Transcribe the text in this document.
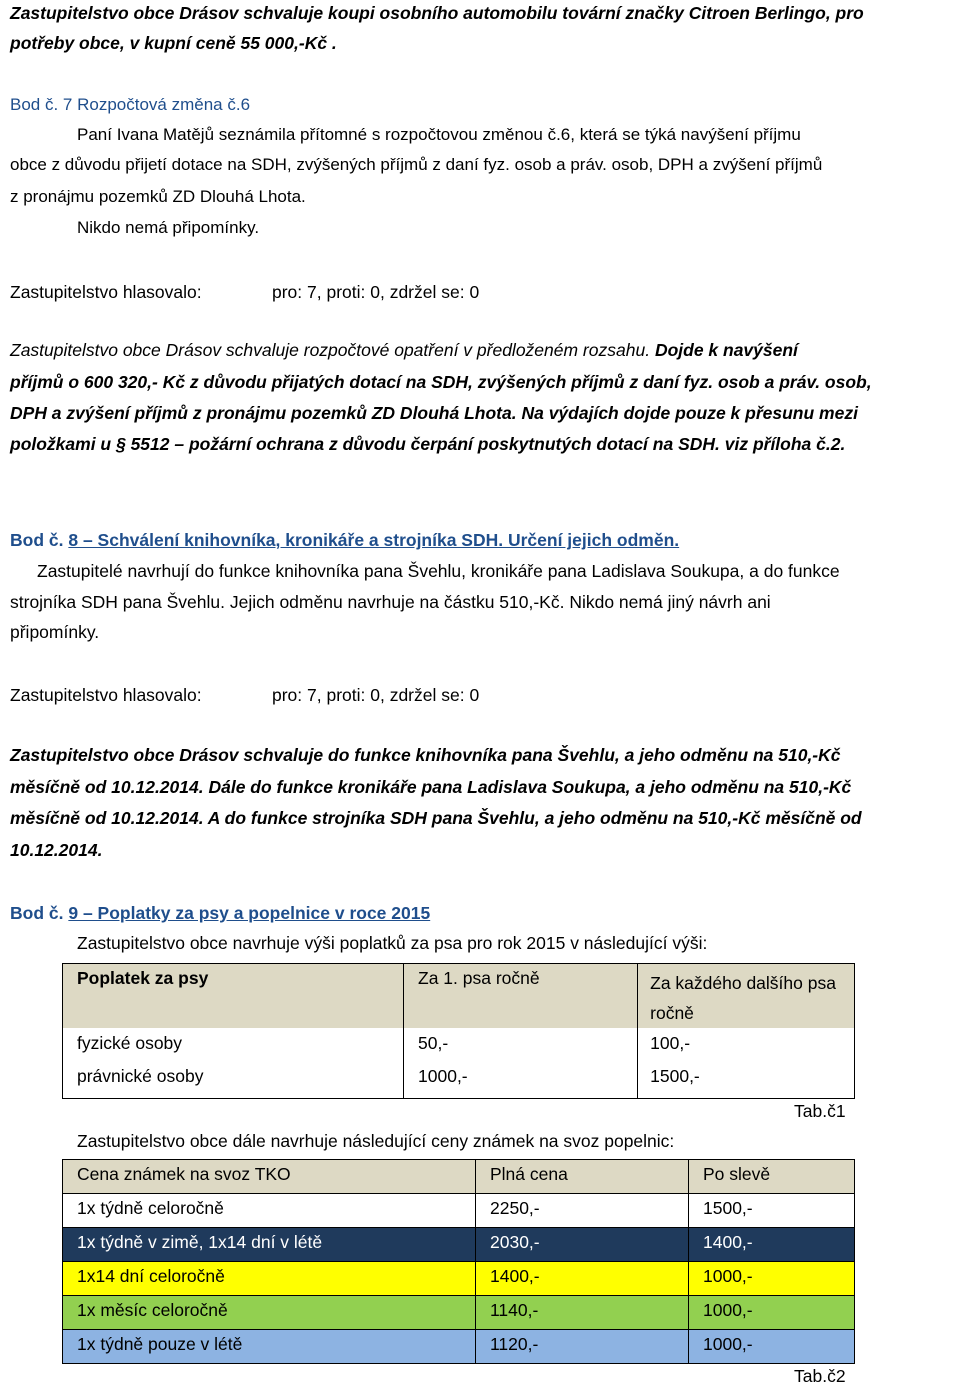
Zastupitelstvo obce Drásov schvaluje koupi osobního automobilu tovární značky Citroen Berlingo, pro
potřeby obce, v kupní ceně 55 000,-Kč .
Bod č. 7 Rozpočtová změna č.6
Paní Ivana Matějů seznámila přítomné s rozpočtovou změnou č.6, která se týká navýšení příjmu
obce z důvodu přijetí dotace na SDH, zvýšených příjmů z daní fyz. osob a práv. osob, DPH a zvýšení příjmů
z pronájmu pozemků ZD Dlouhá Lhota.
Nikdo nemá připomínky.
Zastupitelstvo hlasovalo:	pro: 7, proti: 0, zdržel se: 0
Zastupitelstvo obce Drásov schvaluje rozpočtové opatření v předloženém rozsahu. Dojde k navýšení
příjmů o 600 320,- Kč z důvodu přijatých dotací na SDH, zvýšených příjmů z daní fyz. osob a práv. osob,
DPH a zvýšení příjmů z pronájmu pozemků ZD Dlouhá Lhota. Na výdajích dojde pouze k přesunu mezi
položkami u § 5512 – požární ochrana z důvodu čerpání poskytnutých dotací na SDH. viz příloha č.2.
Bod č. 8 – Schválení knihovníka, kronikáře a strojníka SDH. Určení jejich odměn.
Zastupitelé navrhují do funkce knihovníka pana Švehlu, kronikáře pana Ladislava Soukupa, a do funkce
strojníka SDH pana Švehlu. Jejich odměnu navrhuje na částku 510,-Kč. Nikdo nemá jiný návrh ani
připomínky.
Zastupitelstvo hlasovalo:	pro: 7, proti: 0, zdržel se: 0
Zastupitelstvo obce Drásov schvaluje do funkce knihovníka pana Švehlu, a jeho odměnu na 510,-Kč
měsíčně od 10.12.2014. Dále do funkce kronikáře pana Ladislava Soukupa, a jeho odměnu na 510,-Kč
měsíčně od 10.12.2014. A do funkce strojníka SDH pana Švehlu, a jeho odměnu na 510,-Kč měsíčně od
10.12.2014.
Bod č. 9 – Poplatky za psy a popelnice v roce 2015
Zastupitelstvo obce navrhuje výši poplatků za psa pro rok 2015 v následující výši:
Poplatek za psy	Za 1. psa ročně	Za každého dalšího psa ročně
fyzické osoby	50,-	100,-
právnické osoby	1000,-	1500,-
Tab.č1
Zastupitelstvo obce dále navrhuje následující ceny známek na svoz popelnic:
Cena známek na svoz TKO	Plná cena	Po slevě
1x týdně celoročně	2250,-	1500,-
1x týdně v zimě, 1x14 dní v létě	2030,-	1400,-
1x14 dní celoročně	1400,-	1000,-
1x měsíc celoročně	1140,-	1000,-
1x týdně pouze v létě	1120,-	1000,-
Tab.č2
